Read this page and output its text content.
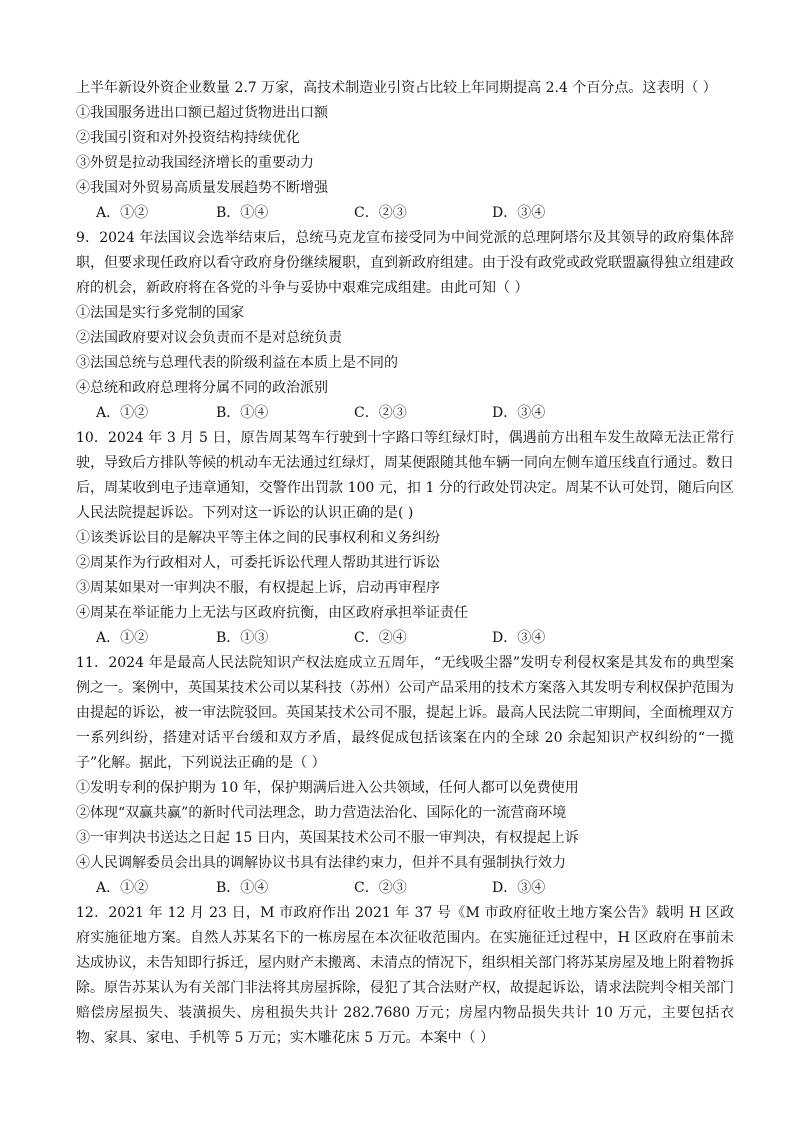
上半年新设外资企业数量 2.7 万家，高技术制造业引资占比较上年同期提高 2.4 个百分点。这表明（ ）
①我国服务进出口额已超过货物进出口额
②我国引资和对外投资结构持续优化
③外贸是拉动我国经济增长的重要动力
④我国对外贸易高质量发展趋势不断增强
A．①②	B．①④	C．②③	D．③④
9．2024 年法国议会选举结束后，总统马克龙宣布接受同为中间党派的总理阿塔尔及其领导的政府集体辞职，但要求现任政府以看守政府身份继续履职，直到新政府组建。由于没有政党或政党联盟赢得独立组建政府的机会，新政府将在各党的斗争与妥协中艰难完成组建。由此可知（ ）
①法国是实行多党制的国家
②法国政府要对议会负责而不是对总统负责
③法国总统与总理代表的阶级利益在本质上是不同的
④总统和政府总理将分属不同的政治派别
A．①②	B．①④	C．②③	D．③④
10．2024 年 3 月 5 日，原告周某驾车行驶到十字路口等红绿灯时，偶遇前方出租车发生故障无法正常行驶，导致后方排队等候的机动车无法通过红绿灯，周某便跟随其他车辆一同向左侧车道压线直行通过。数日后，周某收到电子违章通知，交警作出罚款 100 元，扣 1 分的行政处罚决定。周某不认可处罚，随后向区人民法院提起诉讼。下列对这一诉讼的认识正确的是( )
①该类诉讼目的是解决平等主体之间的民事权利和义务纠纷
②周某作为行政相对人，可委托诉讼代理人帮助其进行诉讼
③周某如果对一审判决不服，有权提起上诉，启动再审程序
④周某在举证能力上无法与区政府抗衡，由区政府承担举证责任
A．①②	B．①③	C．②④	D．③④
11．2024 年是最高人民法院知识产权法庭成立五周年，“无线吸尘器”发明专利侵权案是其发布的典型案例之一。案例中，英国某技术公司以某科技（苏州）公司产品采用的技术方案落入其发明专利权保护范围为由提起的诉讼，被一审法院驳回。英国某技术公司不服，提起上诉。最高人民法院二审期间，全面梳理双方一系列纠纷，搭建对话平台缓和双方矛盾，最终促成包括该案在内的全球 20 余起知识产权纠纷的“一揽子”化解。据此，下列说法正确的是（ ）
①发明专利的保护期为 10 年，保护期满后进入公共领域，任何人都可以免费使用
②体现“双赢共赢”的新时代司法理念，助力营造法治化、国际化的一流营商环境
③一审判决书送达之日起 15 日内，英国某技术公司不服一审判决，有权提起上诉
④人民调解委员会出具的调解协议书具有法律约束力，但并不具有强制执行效力
A．①②	B．①④	C．②③	D．③④
12．2021 年 12 月 23 日，M 市政府作出 2021 年 37 号《M 市政府征收土地方案公告》载明 H 区政府实施征地方案。自然人苏某名下的一栋房屋在本次征收范围内。在实施征迁过程中，H 区政府在事前未达成协议，未告知即行拆迁，屋内财产未搬离、未清点的情况下，组织相关部门将苏某房屋及地上附着物拆除。原告苏某认为有关部门非法将其房屋拆除，侵犯了其合法财产权，故提起诉讼，请求法院判令相关部门赔偿房屋损失、装潢损失、房租损失共计 282.7680 万元；房屋内物品损失共计 10 万元，主要包括衣物、家具、家电、手机等 5 万元；实木雕花床 5 万元。本案中（ ）
